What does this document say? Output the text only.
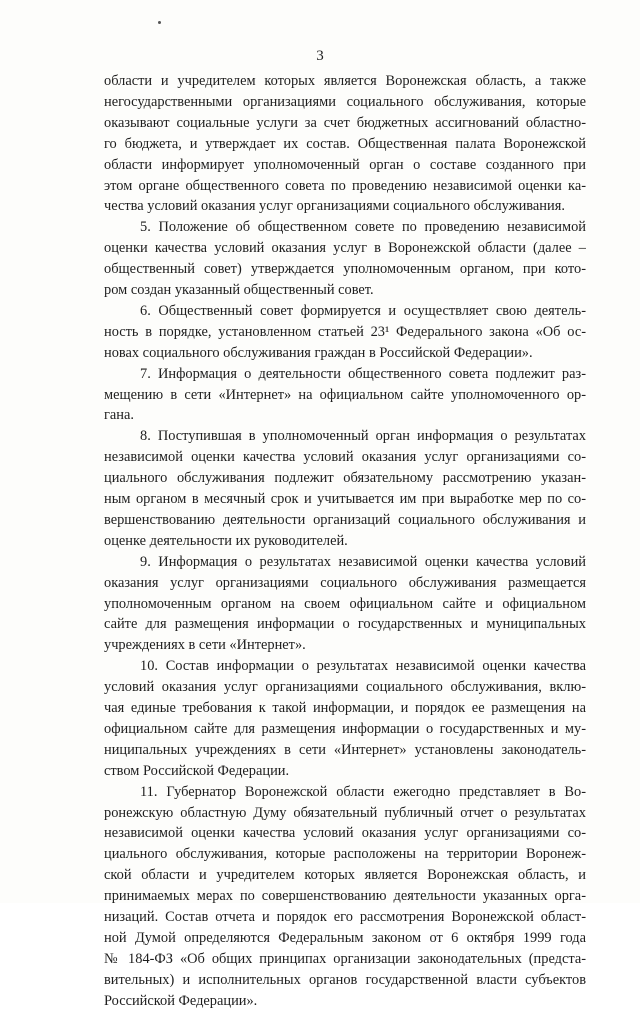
3
области и учредителем которых является Воронежская область, а также
негосударственными организациями социального обслуживания, которые
оказывают социальные услуги за счет бюджетных ассигнований областно-
го бюджета, и утверждает их состав. Общественная палата Воронежской
области информирует уполномоченный орган о составе созданного при
этом органе общественного совета по проведению независимой оценки ка-
чества условий оказания услуг организациями социального обслуживания.
5. Положение об общественном совете по проведению независимой
оценки качества условий оказания услуг в Воронежской области (далее –
общественный совет) утверждается уполномоченным органом, при кото-
ром создан указанный общественный совет.
6. Общественный совет формируется и осуществляет свою деятель-
ность в порядке, установленном статьей 23¹ Федерального закона «Об ос-
новах социального обслуживания граждан в Российской Федерации».
7. Информация о деятельности общественного совета подлежит раз-
мещению в сети «Интернет» на официальном сайте уполномоченного ор-
гана.
8. Поступившая в уполномоченный орган информация о результатах
независимой оценки качества условий оказания услуг организациями со-
циального обслуживания подлежит обязательному рассмотрению указан-
ным органом в месячный срок и учитывается им при выработке мер по со-
вершенствованию деятельности организаций социального обслуживания и
оценке деятельности их руководителей.
9. Информация о результатах независимой оценки качества условий
оказания услуг организациями социального обслуживания размещается
уполномоченным органом на своем официальном сайте и официальном
сайте для размещения информации о государственных и муниципальных
учреждениях в сети «Интернет».
10. Состав информации о результатах независимой оценки качества
условий оказания услуг организациями социального обслуживания, вклю-
чая единые требования к такой информации, и порядок ее размещения на
официальном сайте для размещения информации о государственных и му-
ниципальных учреждениях в сети «Интернет» установлены законодатель-
ством Российской Федерации.
11. Губернатор Воронежской области ежегодно представляет в Во-
ронежскую областную Думу обязательный публичный отчет о результатах
независимой оценки качества условий оказания услуг организациями со-
циального обслуживания, которые расположены на территории Воронеж-
ской области и учредителем которых является Воронежская область, и
принимаемых мерах по совершенствованию деятельности указанных орга-
низаций. Состав отчета и порядок его рассмотрения Воронежской област-
ной Думой определяются Федеральным законом от 6 октября 1999 года
№ 184-ФЗ «Об общих принципах организации законодательных (предста-
вительных) и исполнительных органов государственной власти субъектов
Российской Федерации».
